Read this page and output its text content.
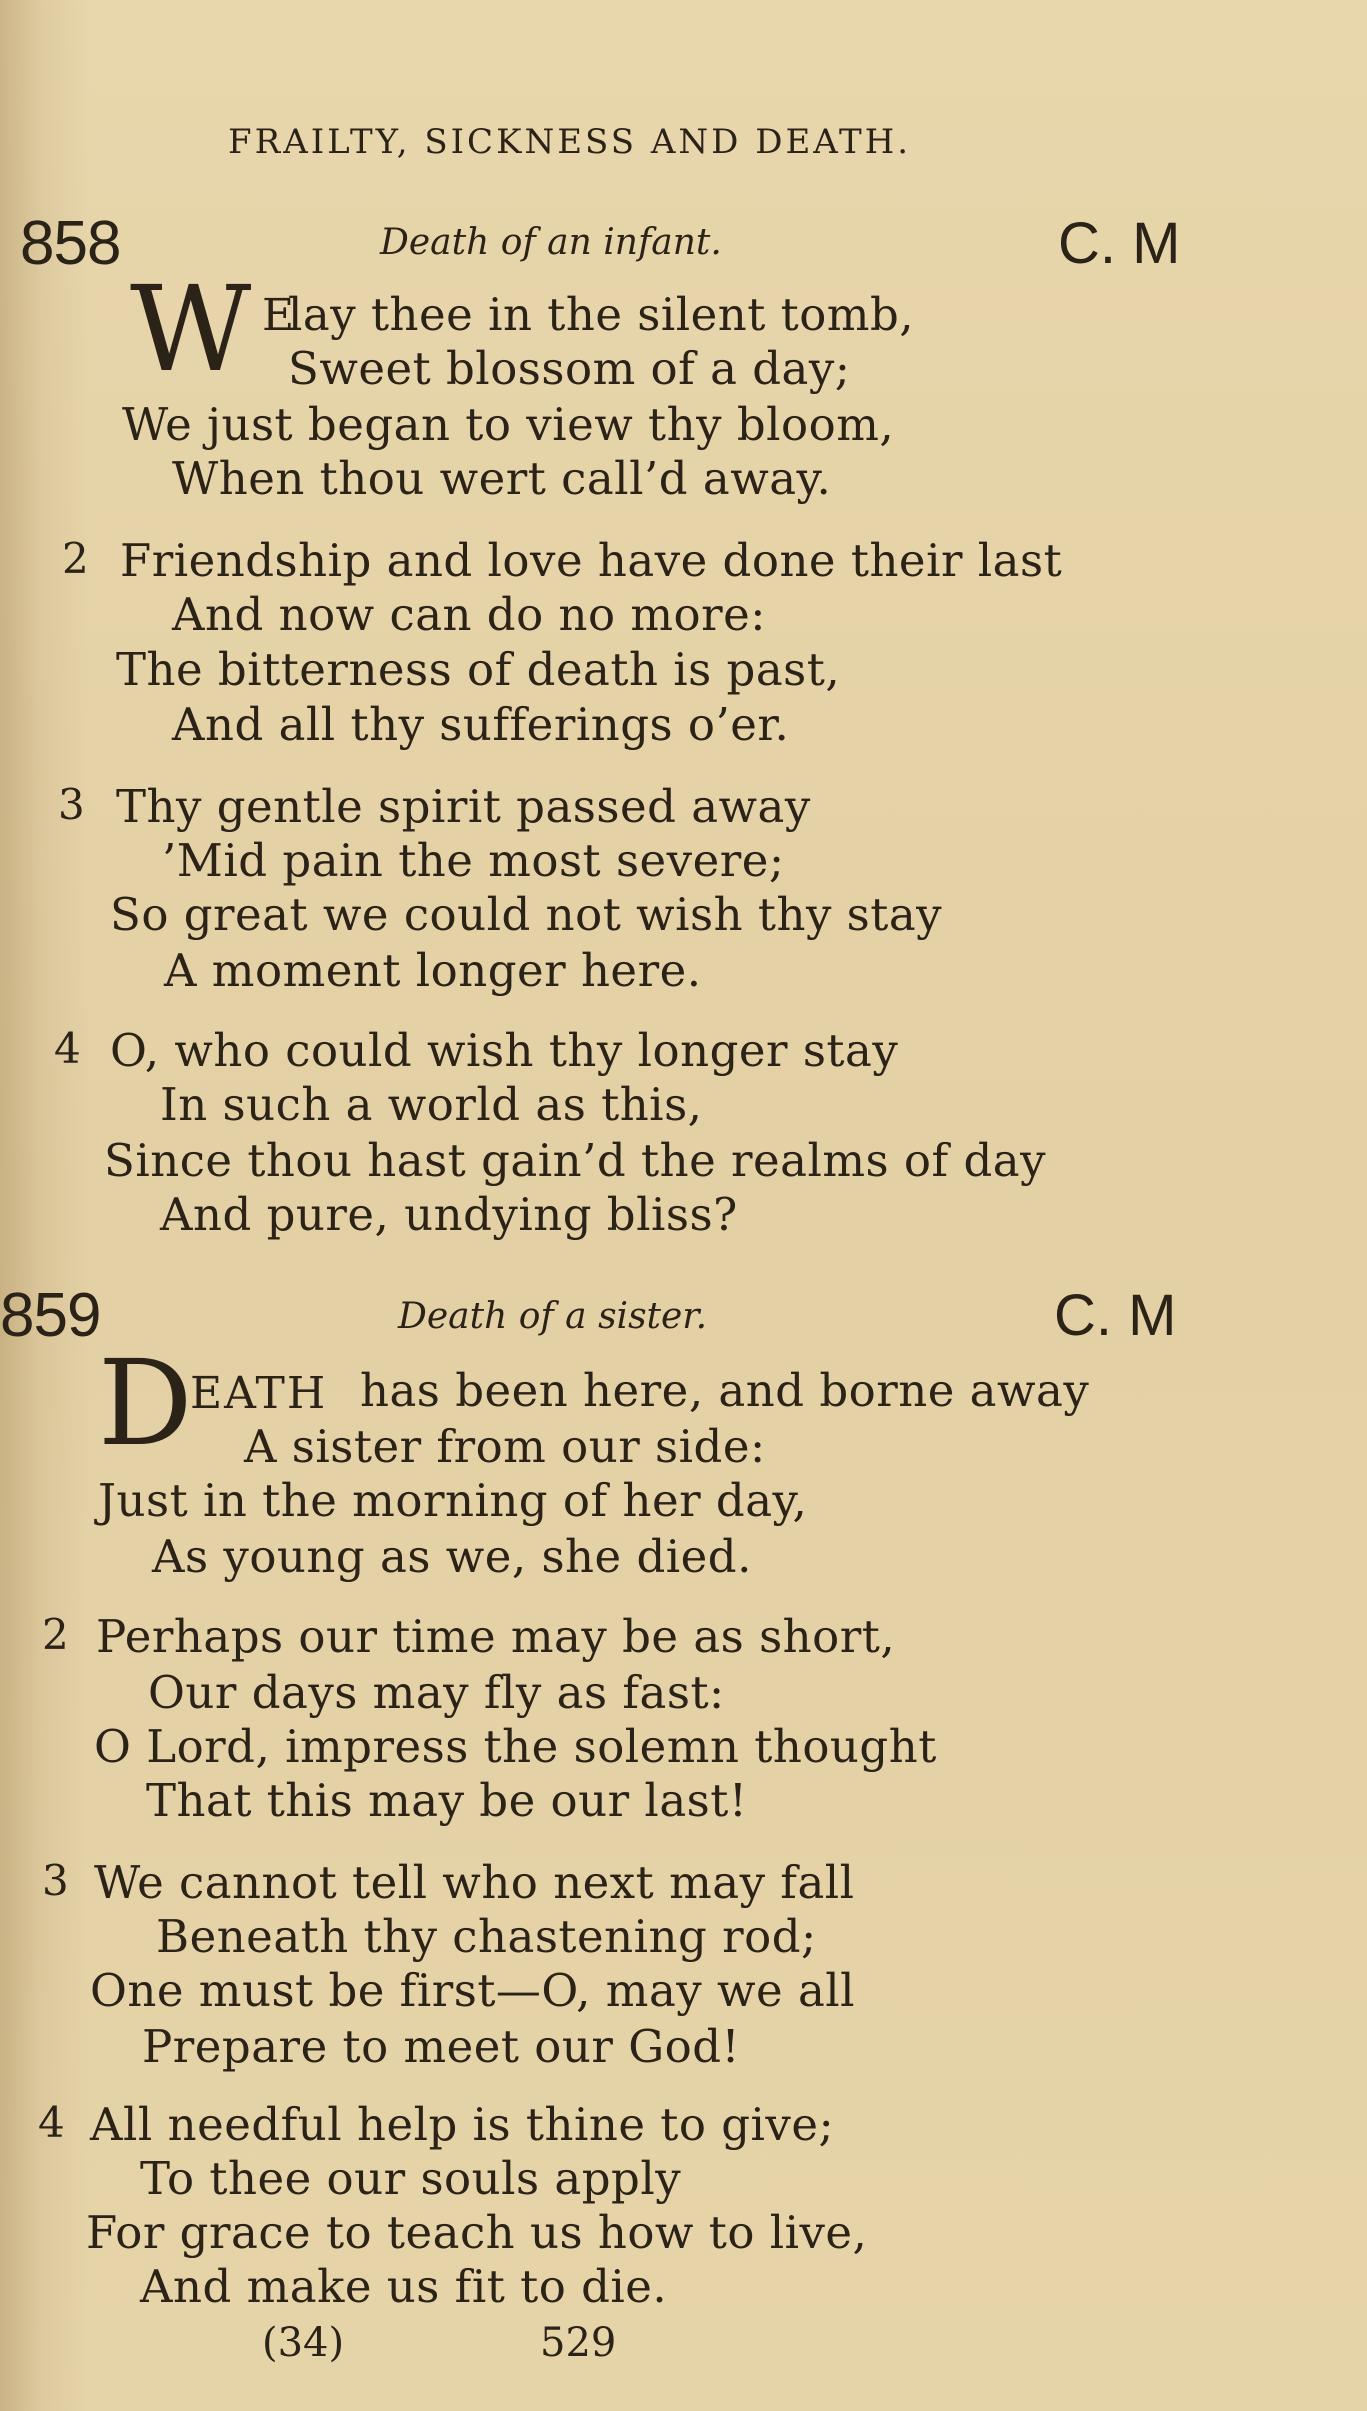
FRAILTY, SICKNESS AND DEATH.
858	Death of an infant.	C. M
W E
lay thee in the silent tomb,
Sweet blossom of a day;
We just began to view thy bloom,
When thou wert call’d away.
2 Friendship and love have done their last
And now can do no more:
The bitterness of death is past,
And all thy sufferings o’er.
3 Thy gentle spirit passed away
’Mid pain the most severe;
So great we could not wish thy stay
A moment longer here.
4 O, who could wish thy longer stay
In such a world as this,
Since thou hast gain’d the realms of day
And pure, undying bliss?
859	Death of a sister.	C. M
D
EATH has been here, and borne away
A sister from our side:
Just in the morning of her day,
As young as we, she died.
2 Perhaps our time may be as short,
Our days may fly as fast:
O Lord, impress the solemn thought
That this may be our last!
3 We cannot tell who next may fall
Beneath thy chastening rod;
One must be first—O, may we all
Prepare to meet our God!
4 All needful help is thine to give;
To thee our souls apply
For grace to teach us how to live,
And make us fit to die.
(34)	529
